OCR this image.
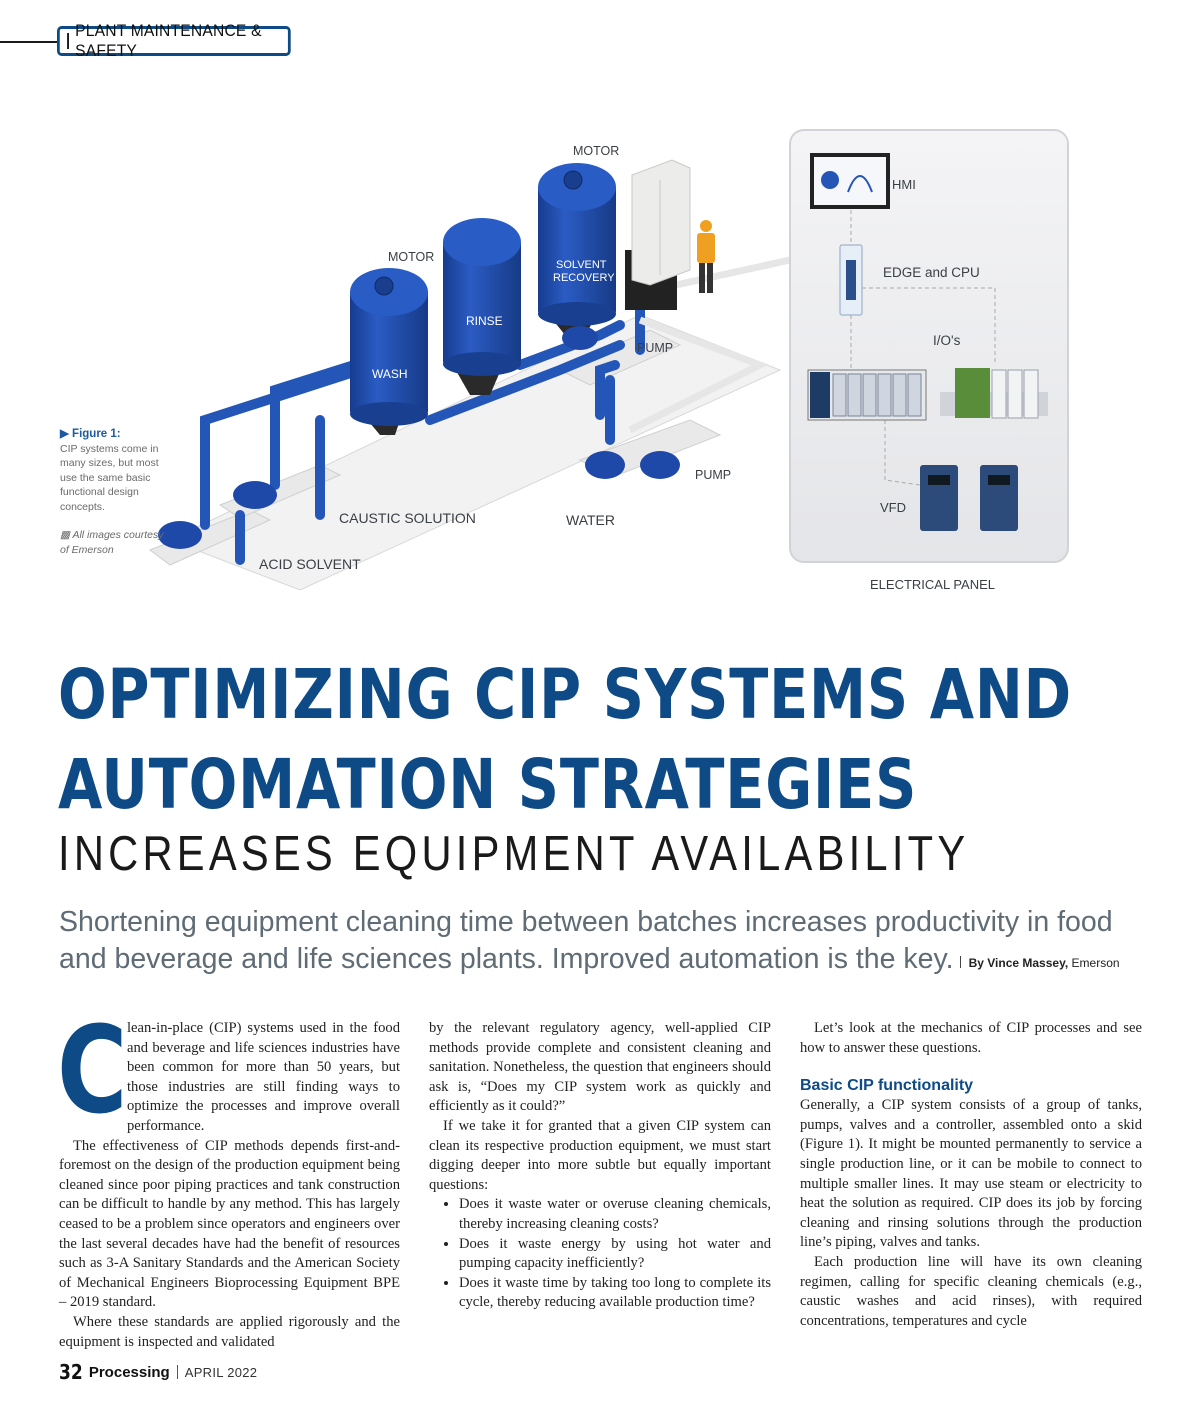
PLANT MAINTENANCE & SAFETY
MOTOR
MOTOR
HMI
EDGE and CPU
I/O's
VFD
PUMP
PUMP
CAUSTIC SOLUTION	WATER
ACID SOLVENT
ELECTRICAL PANEL
SOLVENT
RECOVERY
RINSE
WASH
▶ Figure 1:
CIP systems come in many sizes, but most use the same basic functional design concepts.
▩ All images courtesy of Emerson
OPTIMIZING CIP SYSTEMS AND
AUTOMATION STRATEGIES
INCREASES EQUIPMENT AVAILABILITY
Shortening equipment cleaning time between batches increases productivity in food and beverage and life sciences plants. Improved automation is the key. By Vince Massey, Emerson
C lean-in-place (CIP) systems used in the food and beverage and life sciences industries have been common for more than 50 years, but those industries are still finding ways to optimize the processes and improve overall performance.

The effectiveness of CIP methods depends first-and-foremost on the design of the production equipment being cleaned since poor piping practices and tank construction can be difficult to handle by any method. This has largely ceased to be a problem since operators and engineers over the last several decades have had the benefit of resources such as 3-A Sanitary Standards and the American Society of Mechanical Engineers Bioprocessing Equipment BPE – 2019 standard.

Where these standards are applied rigorously and the equipment is inspected and validated

by the relevant regulatory agency, well-applied CIP methods provide complete and consistent cleaning and sanitation. Nonetheless, the question that engineers should ask is, “Does my CIP system work as quickly and efficiently as it could?”

If we take it for granted that a given CIP system can clean its respective production equipment, we must start digging deeper into more subtle but equally important questions:

• Does it waste water or overuse cleaning chemicals, thereby increasing cleaning costs?
• Does it waste energy by using hot water and pumping capacity inefficiently?
• Does it waste time by taking too long to complete its cycle, thereby reducing available production time?

Let’s look at the mechanics of CIP processes and see how to answer these questions.

Basic CIP functionality

Generally, a CIP system consists of a group of tanks, pumps, valves and a controller, assembled onto a skid (Figure 1). It might be mounted permanently to service a single production line, or it can be mobile to connect to multiple smaller lines. It may use steam or electricity to heat the solution as required. CIP does its job by forcing cleaning and rinsing solutions through the production line’s piping, valves and tanks.

Each production line will have its own cleaning regimen, calling for specific cleaning chemicals (e.g., caustic washes and acid rinses), with required concentrations, temperatures and cycle

32 Processing APRIL 2022
